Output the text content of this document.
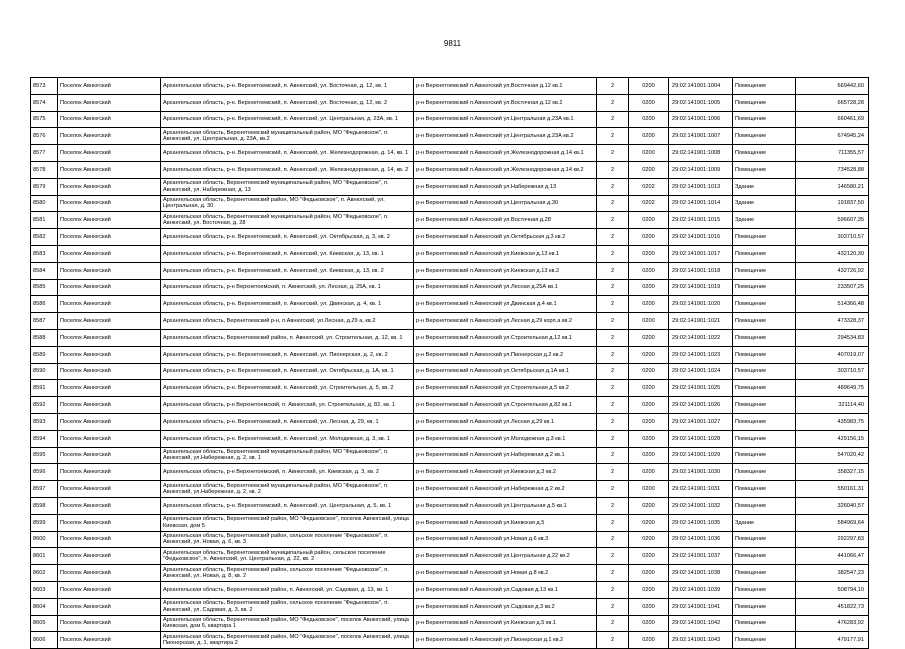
9811
8573	Поселок Авнюгский	Архангельская область, р-н. Верхнетоемский, п. Авнюгский, ул. Восточная, д. 12, кв. 1	р-н Верхнетоемский п.Авнюгский ул.Восточная д.12 кв.1	2	0200	29:02:141901:1004	Помещение	669442,60
8574	Поселок Авнюгский	Архангельская область, р-н. Верхнетоемский, п. Авнюгский, ул. Восточная, д. 12, кв. 2	р-н Верхнетоемский п.Авнюгский ул.Восточная д.12 кв.2	2	0200	29:02:141901:1005	Помещение	665728,28
8575	Поселок Авнюгский	Архангельская область, р-н. Верхнетоемский, п. Авнюгский, ул. Центральная, д. 23А, кв. 1	р-н Верхнетоемский п.Авнюгский ул.Центральная д.23А кв.1	2	0200	29:02:141901:1006	Помещение	660461,69
8576	Поселок Авнюгский	Архангельская область, Верхнетоемский муниципальный район, МО "Федьковское", п. Авнюгский, ул. Центральная, д. 23А, кв.2	р-н Верхнетоемский п.Авнюгский ул.Центральная д.23А кв.2	2	0200	29:02:141901:1007	Помещение	674945,24
8577	Поселок Авнюгский	Архангельская область, р-н. Верхнетоемский, п. Авнюгский, ул. Железнодорожная, д. 14, кв. 1	р-н Верхнетоемский п.Авнюгский ул.Железнодорожная д.14 кв.1	2	0200	29:02:141901:1008	Помещение	711355,57
8578	Поселок Авнюгский	Архангельская область, р-н. Верхнетоемский, п. Авнюгский, ул. Железнодорожная, д. 14, кв. 2	р-н Верхнетоемский п.Авнюгский ул.Железнодорожная д.14 кв.2	2	0200	29:02:141901:1009	Помещение	734528,88
8579	Поселок Авнюгский	Архангельская область, Верхнетоемский муниципальный район, МО "Федьковское", п. Авнюгский, ул. Набережная, д. 13	р-н Верхнетоемский п.Авнюгский ул.Набережная д.13	2	0202	29:02:141901:1013	Здание	146580,21
8580	Поселок Авнюгский	Архангельская область, Верхнетоемский район, МО "Федьковское", п. Авнюгский, ул. Центральная, д. 30	р-н Верхнетоемский п.Авнюгский ул.Центральная д.30	2	0202	29:02:141901:1014	Здание	191837,50
8581	Поселок Авнюгский	Архангельская область, Верхнетоемский муниципальный район, МО "Федьковское", п. Авнюгский, ул. Восточная, д. 28	р-н Верхнетоемский п.Авнюгский ул.Восточная д.28	2	0200	29:02:141901:1015	Здание	596607,35
8582	Поселок Авнюгский	Архангельская область, р-н. Верхнетоемский, п. Авнюгский, ул. Октябрьская, д. 3, кв. 2	р-н Верхнетоемский п.Авнюгский ул.Октябрьская д.3 кв.2	2	0200	29:02:141901:1016	Помещение	303710,57
8583	Поселок Авнюгский	Архангельская область, р-н. Верхнетоемский, п. Авнюгский, ул. Киевская, д. 13, кв. 1	р-н Верхнетоемский п.Авнюгский ул.Киевская д.13 кв.1	2	0200	29:02:141901:1017	Помещение	432120,30
8584	Поселок Авнюгский	Архангельская область, р-н. Верхнетоемский, п. Авнюгский, ул. Киевская, д. 13, кв. 2	р-н Верхнетоемский п.Авнюгский ул.Киевская д.13 кв.2	2	0200	29:02:141901:1018	Помещение	432726,92
8585	Поселок Авнюгский	Архангельская область, р-н Верхнетоемский, п. Авнюгский, ул. Лесная, д. 25А, кв. 1	р-н Верхнетоемский п.Авнюгский ул.Лесная д.25А кв.1	2	0200	29:02:141901:1019	Помещение	233507,25
8586	Поселок Авнюгский	Архангельская область, р-н. Верхнетоемский, п. Авнюгский, ул. Двинская, д. 4, кв. 1	р-н Верхнетоемский п.Авнюгский ул.Двинская д.4 кв.1	2	0200	29:02:141901:1020	Помещение	514366,48
8587	Поселок Авнюгский	Архангельская область, Верхнетоемский р-н, п.Авнюгский, ул.Лесная, д.29 а, кв.2	р-н Верхнетоемский п.Авнюгский ул.Лесная д.29 корп.а кв.2	2	0200	29:02:141901:1021	Помещение	473328,37
8588	Поселок Авнюгский	Архангельская область, Верхнетоемский район, п. Авнюгский, ул. Строительная, д. 12, кв. 1	р-н Верхнетоемский п.Авнюгский ул.Строительная д.12 кв.1	2	0200	29:02:141901:1022	Помещение	294534,83
8589	Поселок Авнюгский	Архангельская область, р-н. Верхнетоемский, п. Авнюгский, ул. Пионерская, д. 2, кв. 2	р-н Верхнетоемский п.Авнюгский ул.Пионерская д.2 кв.2	2	0200	29:02:141901:1023	Помещение	407019,07
8590	Поселок Авнюгский	Архангельская область, р-н. Верхнетоемский, п. Авнюгский, ул. Октябрьская, д. 1А, кв. 1	р-н Верхнетоемский п.Авнюгский ул.Октябрьская д.1А кв.1	2	0200	29:02:141901:1024	Помещение	303710,57
8591	Поселок Авнюгский	Архангельская область, р-н. Верхнетоемский, п. Авнюгский, ул. Строительная, д. 5, кв. 2	р-н Верхнетоемский п.Авнюгский ул.Строительная д.5 кв.2	2	0200	29:02:141901:1025	Помещение	489649,75
8592	Поселок Авнюгский	Архангельская область, р-н Верхнетоемский, п. Авнюгский, ул. Строительная, д. 82, кв. 1	р-н Верхнетоемский п.Авнюгский ул.Строительная д.82 кв.1	2	0200	29:02:141901:1026	Помещение	321114,40
8593	Поселок Авнюгский	Архангельская область, р-н. Верхнетоемский, п. Авнюгский, ул. Лесная, д. 29, кв. 1	р-н Верхнетоемский п.Авнюгский ул.Лесная д.29 кв.1	2	0200	29:02:141901:1027	Помещение	435983,75
8594	Поселок Авнюгский	Архангельская область, р-н. Верхнетоемский, п. Авнюгский, ул. Молодежная, д. 3, кв. 1	р-н Верхнетоемский п.Авнюгский ул.Молодежная д.3 кв.1	2	0200	29:02:141901:1028	Помещение	429156,15
8595	Поселок Авнюгский	Архангельская область, Верхнетоемский муниципальный район, МО "Федьковское", п. Авнюгский, ул.Набережная, д. 2, кв. 1	р-н Верхнетоемский п.Авнюгский ул.Набережная д.2 кв.1	2	0200	29:02:141901:1029	Помещение	547020,42
8596	Поселок Авнюгский	Архангельская область, р-н Верхнетоемский, п. Авнюгский, ул. Киевская, д. 3, кв. 2	р-н Верхнетоемский п.Авнюгский ул.Киевская д.3 кв.2	2	0200	29:02:141901:1030	Помещение	358327,15
8597	Поселок Авнюгский	Архангельская область, Верхнетоемский муниципальный район, МО "Федьковское", п. Авнюгский, ул.Набережная, д. 2, кв. 2	р-н Верхнетоемский п.Авнюгский ул.Набережная д.2 кв.2	2	0200	29:02:141901:1031	Помещение	550161,31
8598	Поселок Авнюгский	Архангельская область, р-н. Верхнетоемский, п. Авнюгский, ул. Центральная, д. 5, кв. 1	р-н Верхнетоемский п.Авнюгский ул.Центральная д.5 кв.1	2	0200	29:02:141901:1032	Помещение	326040,57
8599	Поселок Авнюгский	Архангельская область, Верхнетоемский район, МО "Федьковское", поселок Авнюгский, улица Киевская, дом 5	р-н Верхнетоемский п.Авнюгский ул.Киевская д.5	2	0200	29:02:141901:1035	Здание	584969,64
8600	Поселок Авнюгский	Архангельская область, Верхнетоемский район, сельское поселение "Федьковское", п. Авнюгский, ул. Новая, д. 6, кв. 3	р-н Верхнетоемский п.Авнюгский ул.Новая д.6 кв.3	2	0200	29:02:141901:1036	Помещение	292297,83
8601	Поселок Авнюгский	Архангельская область, Верхнетоемский муниципальный район, сельское поселение "Федьковское", п. Авнюгский, ул. Центральная, д. 22, кв. 2	р-н Верхнетоемский п.Авнюгский ул.Центральная д.22 кв.2	2	0200	29:02:141901:1037	Помещение	441066,47
8602	Поселок Авнюгский	Архангельская область, Верхнетоемский район, сельское поселение "Федьковское", п. Авнюгский, ул. Новая, д. 8, кв. 2	р-н Верхнетоемский п.Авнюгский ул.Новая д.8 кв.2	2	0200	29:02:141901:1038	Помещение	382547,23
8603	Поселок Авнюгский	Архангельская область, Верхнетоемский район, п. Авнюгский, ул. Садовая, д. 13, кв. 1	р-н Верхнетоемский п.Авнюгский ул.Садовая д.13 кв.1	2	0200	29:02:141901:1039	Помещение	508794,10
8604	Поселок Авнюгский	Архангельская область, Верхнетоемский район, сельское поселение "Федьковское", п. Авнюгский, ул. Садовая, д. 3, кв. 2	р-н Верхнетоемский п.Авнюгский ул.Садовая д.3 кв.2	2	0200	29:02:141901:1041	Помещение	451822,73
8605	Поселок Авнюгский	Архангельская область, Верхнетоемский район, МО "Федьковское", поселок Авнюгский, улица Киевская, дом 5, квартира 1	р-н Верхнетоемский п.Авнюгский ул.Киевская д.5 кв.1	2	0200	29:02:141901:1042	Помещение	476283,92
8606	Поселок Авнюгский	Архангельская область, Верхнетоемский район, МО "Федьковское", поселок Авнюгский, улица Пионерская, д. 1, квартира 2	р-н Верхнетоемский п.Авнюгский ул.Пионерская д.1 кв.2	2	0200	29:02:141901:1043	Помещение	479177,91
